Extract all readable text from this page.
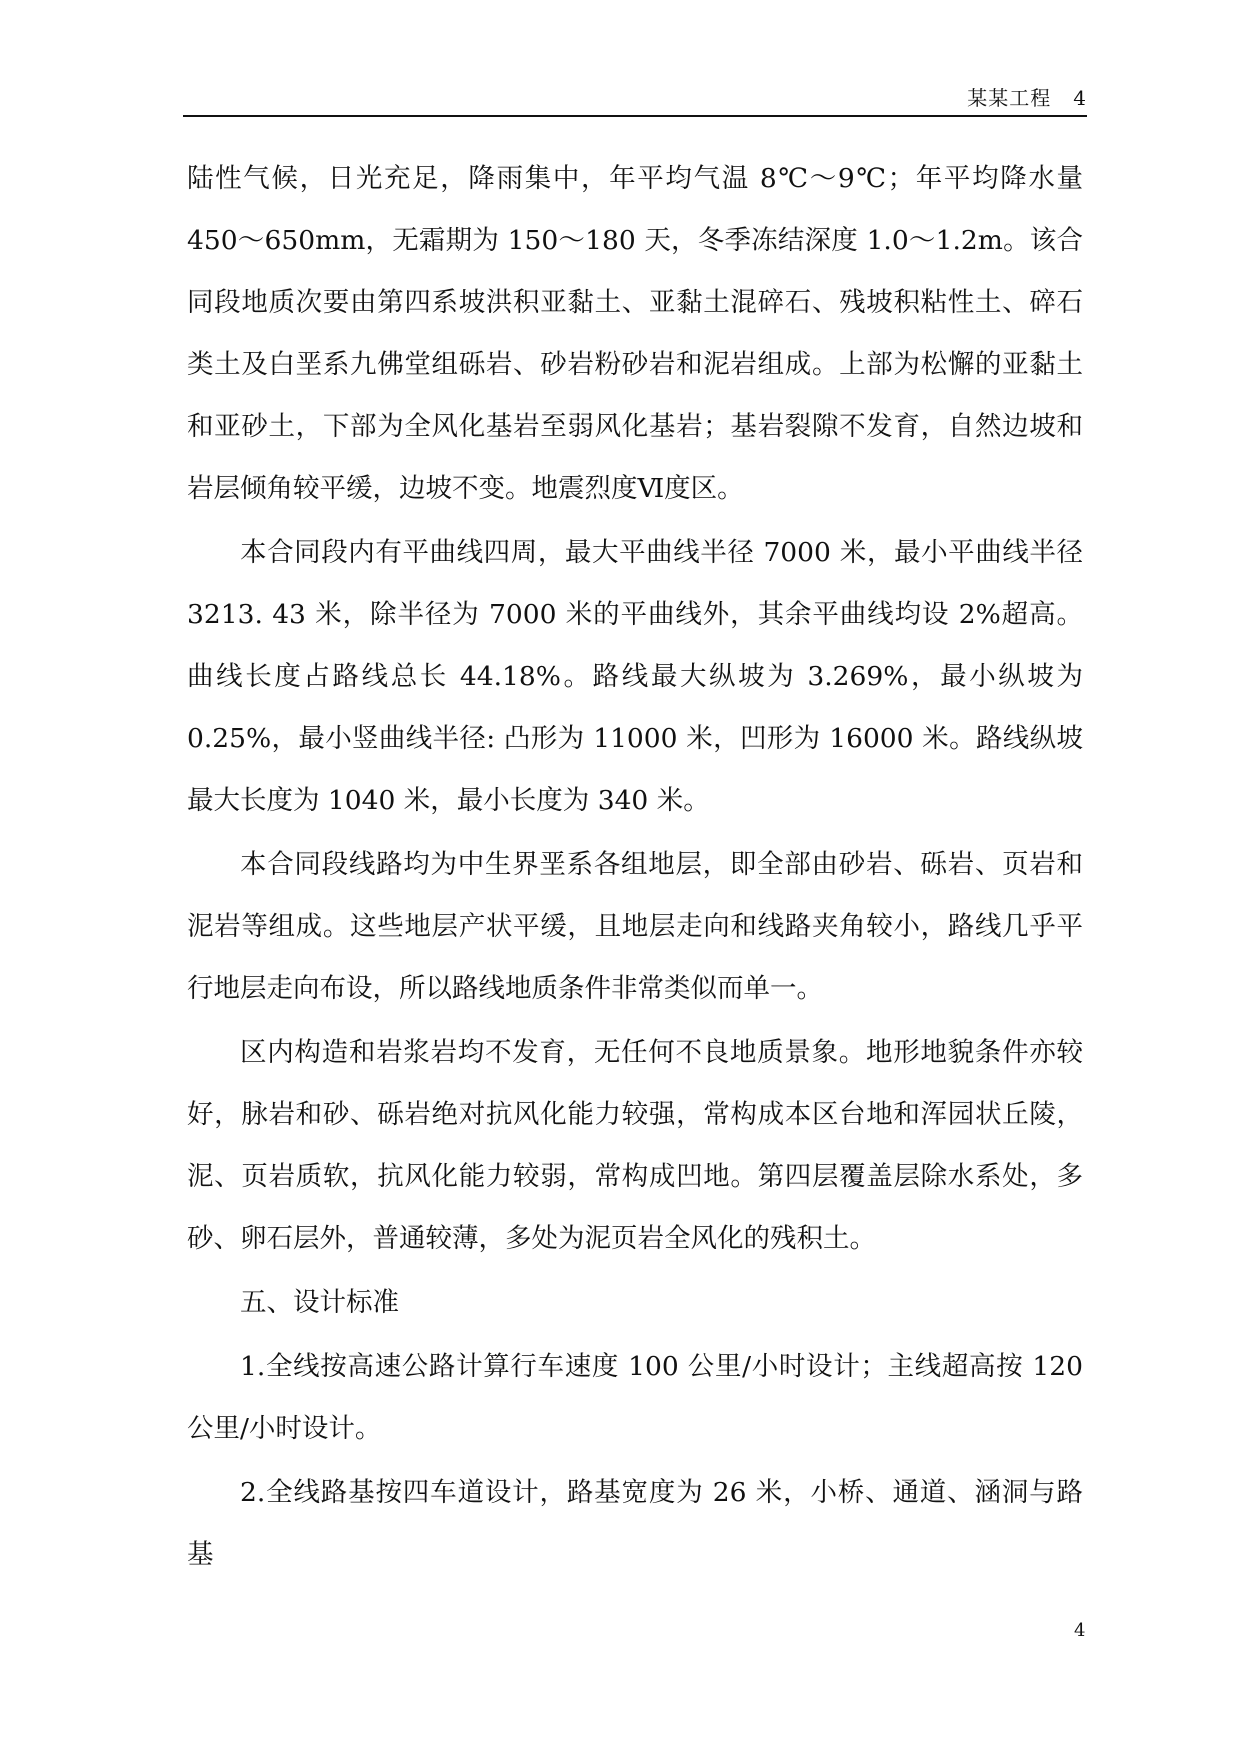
某某工程 4

陆性气候，日光充足，降雨集中，年平均气温 8℃～9℃；年平均降水量 450～650mm，无霜期为 150～180 天，冬季冻结深度 1.0～1.2m。该合同段地质次要由第四系坡洪积亚黏土、亚黏土混碎石、残坡积粘性土、碎石类土及白垩系九佛堂组砾岩、砂岩粉砂岩和泥岩组成。上部为松懈的亚黏土和亚砂土，下部为全风化基岩至弱风化基岩；基岩裂隙不发育，自然边坡和岩层倾角较平缓，边坡不变。地震烈度Ⅵ度区。

本合同段内有平曲线四周，最大平曲线半径 7000 米，最小平曲线半径 3213. 43 米，除半径为 7000 米的平曲线外，其余平曲线均设 2%超高。曲线长度占路线总长 44.18%。路线最大纵坡为 3.269%，最小纵坡为 0.25%，最小竖曲线半径: 凸形为 11000 米，凹形为 16000 米。路线纵坡最大长度为 1040 米，最小长度为 340 米。

本合同段线路均为中生界垩系各组地层，即全部由砂岩、砾岩、页岩和泥岩等组成。这些地层产状平缓，且地层走向和线路夹角较小，路线几乎平行地层走向布设，所以路线地质条件非常类似而单一。

区内构造和岩浆岩均不发育，无任何不良地质景象。地形地貌条件亦较好，脉岩和砂、砾岩绝对抗风化能力较强，常构成本区台地和浑园状丘陵，泥、页岩质软，抗风化能力较弱，常构成凹地。第四层覆盖层除水系处，多砂、卵石层外，普通较薄，多处为泥页岩全风化的残积土。

五、设计标准

1.全线按高速公路计算行车速度 100 公里/小时设计；主线超高按 120 公里/小时设计。

2.全线路基按四车道设计，路基宽度为 26 米，小桥、通道、涵洞与路基

4
